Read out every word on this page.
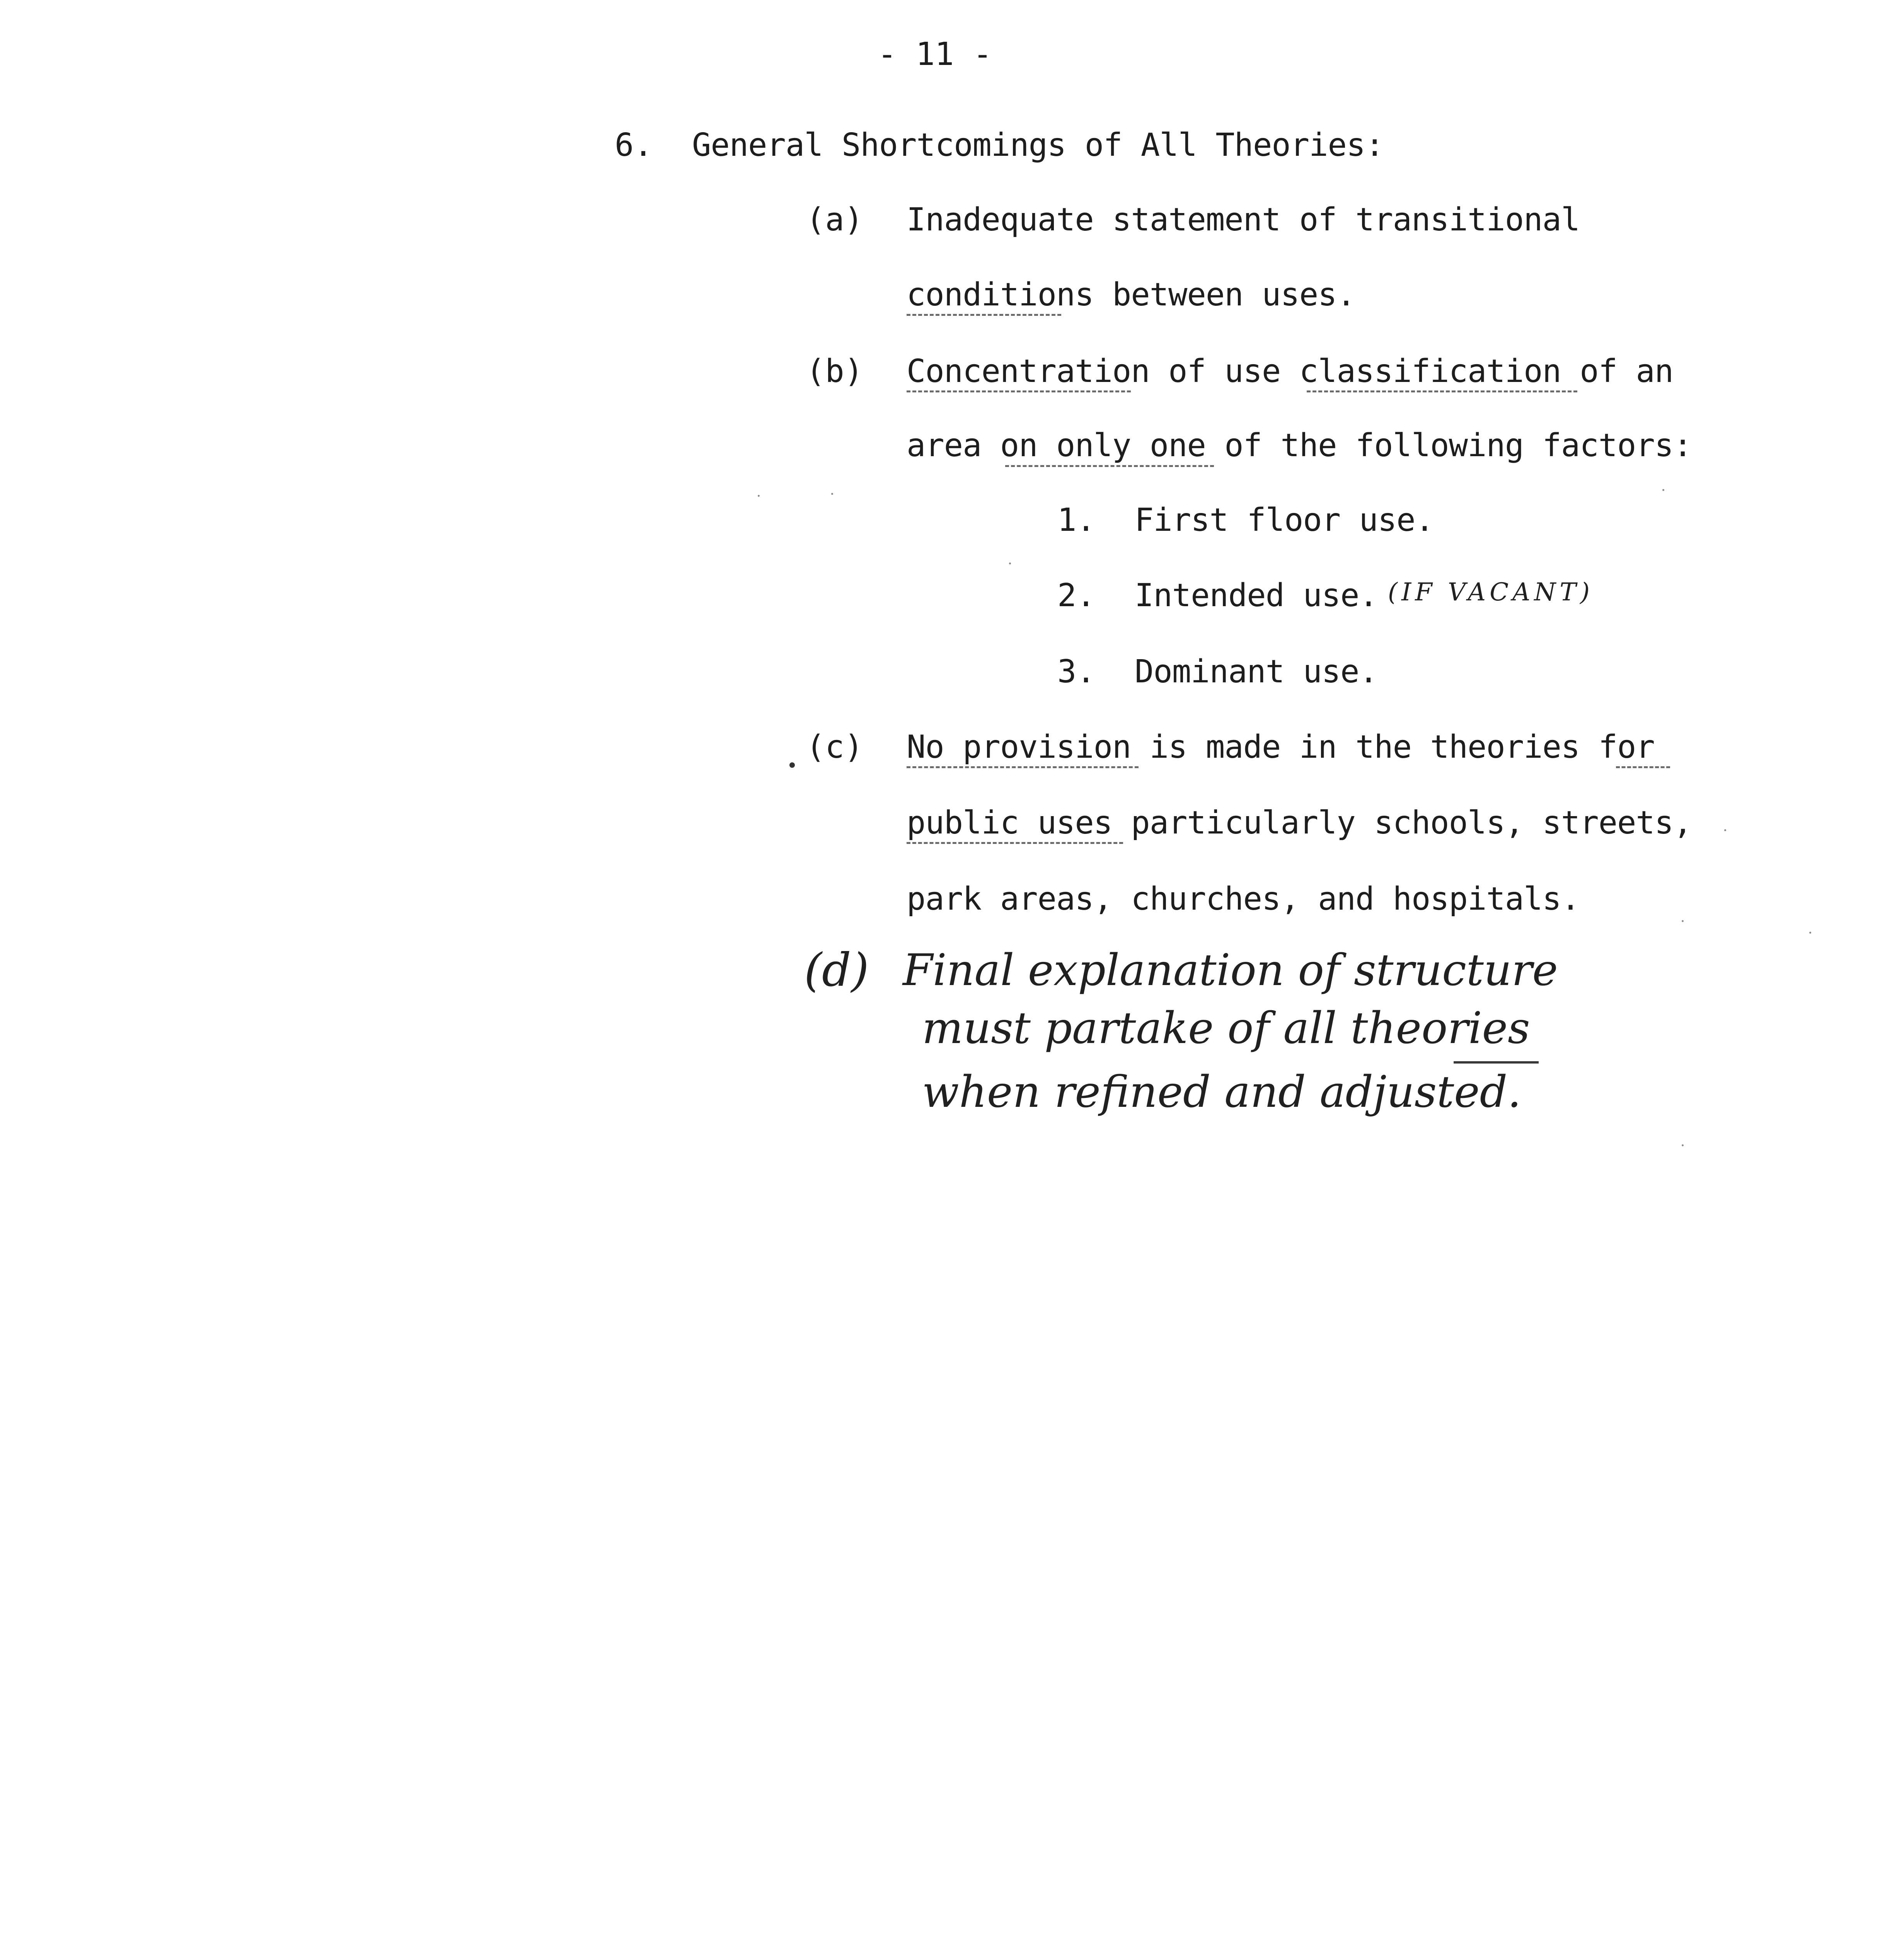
- 11 -
6. General Shortcomings of All Theories:
(a) Inadequate statement of transitional
conditions between uses.
(b) Concentration of use classification of an
area on only one of the following factors:
1. First floor use.
2. Intended use. (IF VACANT)
3. Dominant use.
(c) No provision is made in the theories for
public uses particularly schools, streets,
park areas, churches, and hospitals.
(d) Final explanation of structure
must partake of all theories
when refined and adjusted.
